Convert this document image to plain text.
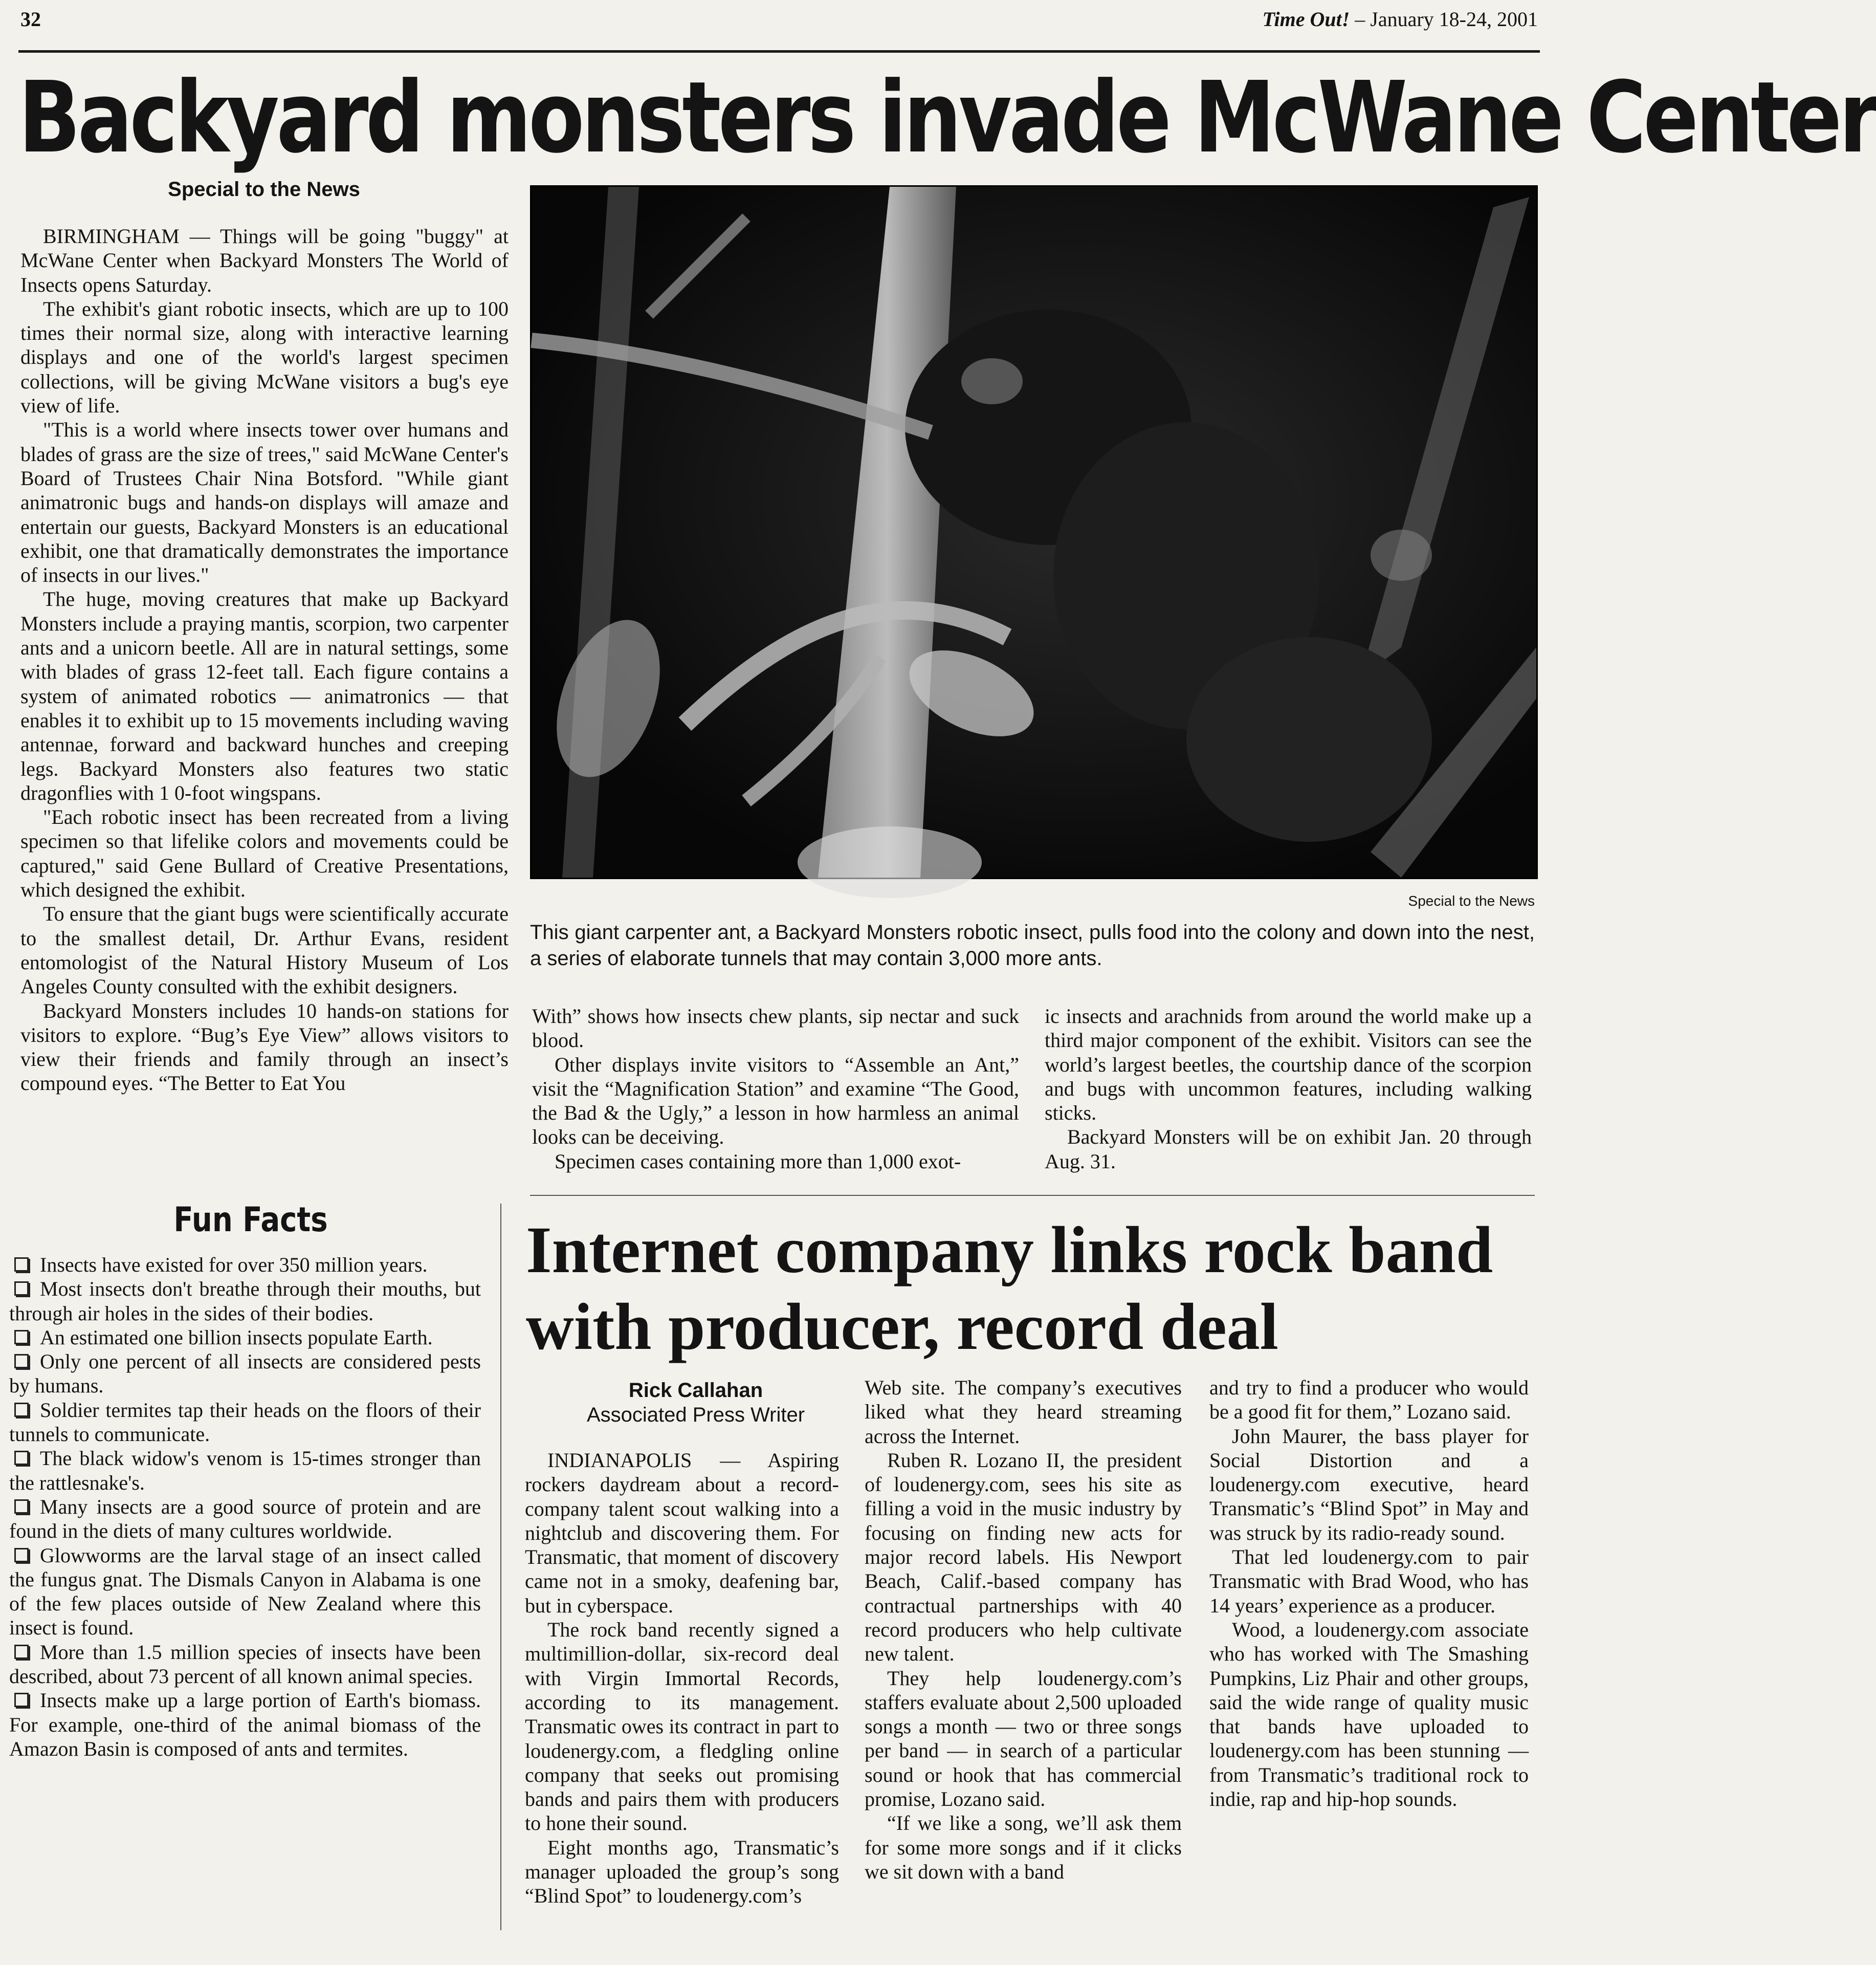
32	Time Out! – January 18-24, 2001
Backyard monsters invade McWane Center
Special to the News

BIRMINGHAM — Things will be going "buggy" at McWane Center when Backyard Monsters The World of Insects opens Saturday.

The exhibit's giant robotic insects, which are up to 100 times their normal size, along with interactive learning displays and one of the world's largest specimen collections, will be giving McWane visitors a bug's eye view of life.

"This is a world where insects tower over humans and blades of grass are the size of trees," said McWane Center's Board of Trustees Chair Nina Botsford. "While giant animatronic bugs and hands-on displays will amaze and entertain our guests, Backyard Monsters is an educational exhibit, one that dramatically demonstrates the importance of insects in our lives."

The huge, moving creatures that make up Backyard Monsters include a praying mantis, scorpion, two carpenter ants and a unicorn beetle. All are in natural settings, some with blades of grass 12-feet tall. Each figure contains a system of animated robotics — animatronics — that enables it to exhibit up to 15 movements including waving antennae, forward and backward hunches and creeping legs. Backyard Monsters also features two static dragonflies with 1 0-foot wingspans.

"Each robotic insect has been recreated from a living specimen so that lifelike colors and movements could be captured," said Gene Bullard of Creative Presentations, which designed the exhibit.

To ensure that the giant bugs were scientifically accurate to the smallest detail, Dr. Arthur Evans, resident entomologist of the Natural History Museum of Los Angeles County consulted with the exhibit designers.

Backyard Monsters includes 10 hands-on stations for visitors to explore. “Bug’s Eye View” allows visitors to view their friends and family through an insect’s compound eyes. “The Better to Eat You

Special to the News
This giant carpenter ant, a Backyard Monsters robotic insect, pulls food into the colony and down into the nest, a series of elaborate tunnels that may contain 3,000 more ants.

With” shows how insects chew plants, sip nectar and suck blood.

Other displays invite visitors to “Assemble an Ant,” visit the “Magnification Station” and examine “The Good, the Bad & the Ugly,” a lesson in how harmless an animal looks can be deceiving.

Specimen cases containing more than 1,000 exot-

ic insects and arachnids from around the world make up a third major component of the exhibit. Visitors can see the world’s largest beetles, the courtship dance of the scorpion and bugs with uncommon features, including walking sticks.

Backyard Monsters will be on exhibit Jan. 20 through Aug. 31.

Fun Facts

Insects have existed for over 350 million years.

Most insects don't breathe through their mouths, but through air holes in the sides of their bodies.

An estimated one billion insects populate Earth.

Only one percent of all insects are considered pests by humans.

Soldier termites tap their heads on the floors of their tunnels to communicate.

The black widow's venom is 15-times stronger than the rattlesnake's.

Many insects are a good source of protein and are found in the diets of many cultures worldwide.

Glowworms are the larval stage of an insect called the fungus gnat. The Dismals Canyon in Alabama is one of the few places outside of New Zealand where this insect is found.

More than 1.5 million species of insects have been described, about 73 percent of all known animal species.

Insects make up a large portion of Earth's biomass. For example, one-third of the animal biomass of the Amazon Basin is composed of ants and termites.

Internet company links rock band with producer, record deal
Rick Callahan
Associated Press Writer

INDIANAPOLIS — Aspiring rockers daydream about a record-company talent scout walking into a nightclub and discovering them. For Transmatic, that moment of discovery came not in a smoky, deafening bar, but in cyberspace.

The rock band recently signed a multimillion-dollar, six-record deal with Virgin Immortal Records, according to its management. Transmatic owes its contract in part to loudenergy.com, a fledgling online company that seeks out promising bands and pairs them with producers to hone their sound.

Eight months ago, Transmatic’s manager uploaded the group’s song “Blind Spot” to loudenergy.com’s

Web site. The company’s executives liked what they heard streaming across the Internet.

Ruben R. Lozano II, the president of loudenergy.com, sees his site as filling a void in the music industry by focusing on finding new acts for major record labels. His Newport Beach, Calif.-based company has contractual partnerships with 40 record producers who help cultivate new talent.

They help loudenergy.com’s staffers evaluate about 2,500 uploaded songs a month — two or three songs per band — in search of a particular sound or hook that has commercial promise, Lozano said.

“If we like a song, we’ll ask them for some more songs and if it clicks we sit down with a band

and try to find a producer who would be a good fit for them,” Lozano said.

John Maurer, the bass player for Social Distortion and a loudenergy.com executive, heard Transmatic’s “Blind Spot” in May and was struck by its radio-ready sound.

That led loudenergy.com to pair Transmatic with Brad Wood, who has 14 years’ experience as a producer.

Wood, a loudenergy.com associate who has worked with The Smashing Pumpkins, Liz Phair and other groups, said the wide range of quality music that bands have uploaded to loudenergy.com has been stunning — from Transmatic’s traditional rock to indie, rap and hip-hop sounds.
